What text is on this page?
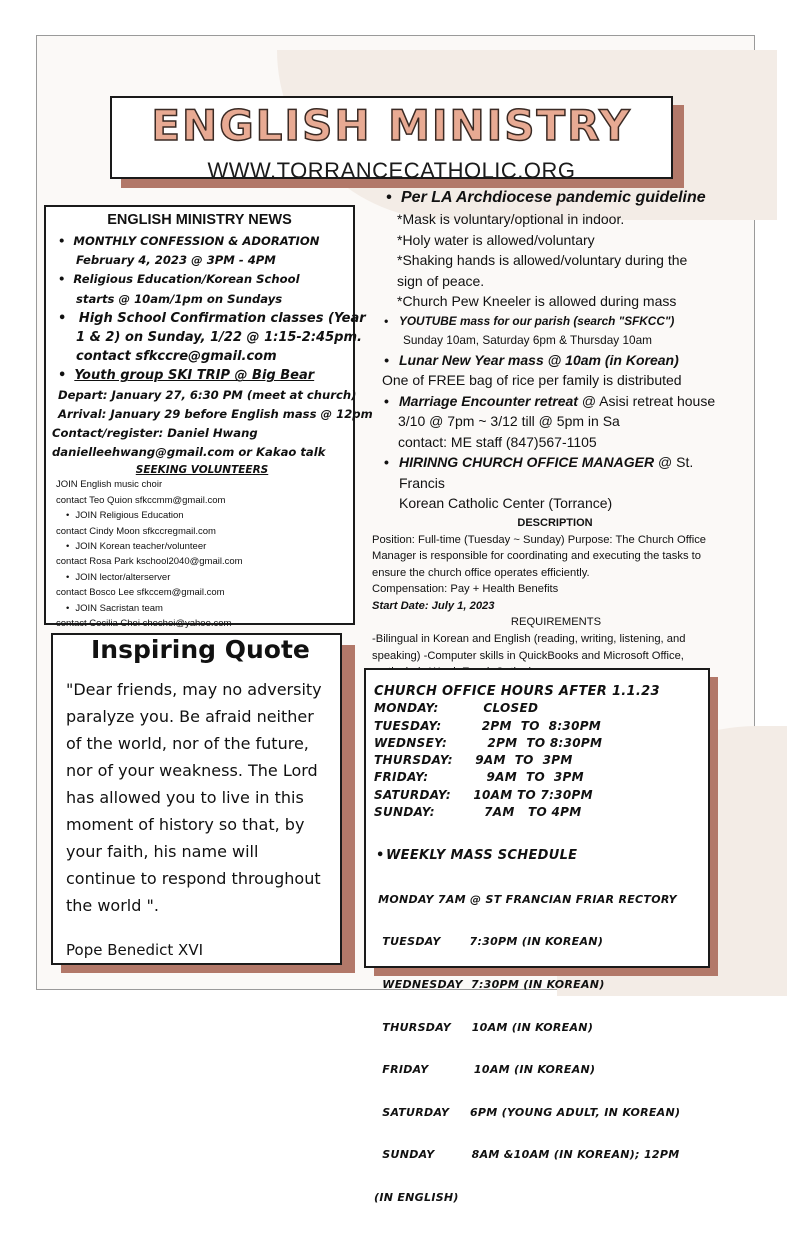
ENGLISH MINISTRY
WWW.TORRANCECATHOLIC.ORG
ENGLISH MINISTRY NEWS
• MONTHLY CONFESSION & ADORATION
February 4, 2023 @ 3PM - 4PM
• Religious Education/Korean School
starts @ 10am/1pm on Sundays
• High School Confirmation classes (Year
1 & 2) on Sunday, 1/22 @ 1:15-2:45pm.
contact sfkccre@gmail.com
• Youth group SKI TRIP @ Big Bear
Depart: January 27, 6:30 PM (meet at church)
Arrival: January 29 before English mass @ 12pm
Contact/register: Daniel Hwang
danielleehwang@gmail.com or Kakao talk
SEEKING VOLUNTEERS
JOIN English music choir
contact Teo Quion sfkccmm@gmail.com
• JOIN Religious Education
contact Cindy Moon sfkccregmail.com
• JOIN Korean teacher/volunteer
contact Rosa Park kschool2040@gmail.com
• JOIN lector/alterserver
contact Bosco Lee sfkccem@gmail.com
• JOIN Sacristan team
contact Cecilia Choi chechoi@yahoo.com
Inspiring Quote
"Dear friends, may no adversity
paralyze you. Be afraid neither
of the world, nor of the future,
nor of your weakness. The Lord
has allowed you to live in this
moment of history so that, by
your faith, his name will
continue to respond throughout
the world ".
Pope Benedict XVI
• Per LA Archdiocese pandemic guideline
*Mask is voluntary/optional in indoor.
*Holy water is allowed/voluntary
*Shaking hands is allowed/voluntary during the
sign of peace.
*Church Pew Kneeler is allowed during mass
• YOUTUBE mass for our parish (search "SFKCC")
Sunday 10am, Saturday 6pm & Thursday 10am
• Lunar New Year mass @ 10am (in Korean)
One of FREE bag of rice per family is distributed
• Marriage Encounter retreat @ Asisi retreat house
3/10 @ 7pm ~ 3/12 till @ 5pm in Sa
contact: ME staff (847)567-1105
• HIRINNG CHURCH OFFICE MANAGER @ St. Francis
Korean Catholic Center (Torrance)
DESCRIPTION
Position: Full-time (Tuesday ~ Sunday) Purpose: The Church Office
Manager is responsible for coordinating and executing the tasks to
ensure the church office operates efficiently.
Compensation: Pay + Health Benefits
Start Date: July 1, 2023
REQUIREMENTS
-Bilingual in Korean and English (reading, writing, listening, and
speaking) -Computer skills in QuickBooks and Microsoft Office,
CHURCH OFFICE HOURS AFTER 1.1.23
MONDAY:          CLOSED
TUESDAY:         2PM  TO  8:30PM
WEDNSEY:         2PM  TO 8:30PM
THURSDAY:     9AM  TO  3PM
FRIDAY:             9AM  TO  3PM
SATURDAY:     10AM TO 7:30PM
SUNDAY:           7AM   TO 4PM

• WEEKLY MASS SCHEDULE

MONDAY 7AM @ ST FRANCIAN FRIAR RECTORY

TUESDAY       7:30PM (IN KOREAN)

WEDNESDAY  7:30PM (IN KOREAN)

THURSDAY     10AM (IN KOREAN)

FRIDAY           10AM (IN KOREAN)

SATURDAY     6PM (YOUNG ADULT, IN KOREAN)

SUNDAY         8AM &10AM (IN KOREAN); 12PM

(IN ENGLISH)
